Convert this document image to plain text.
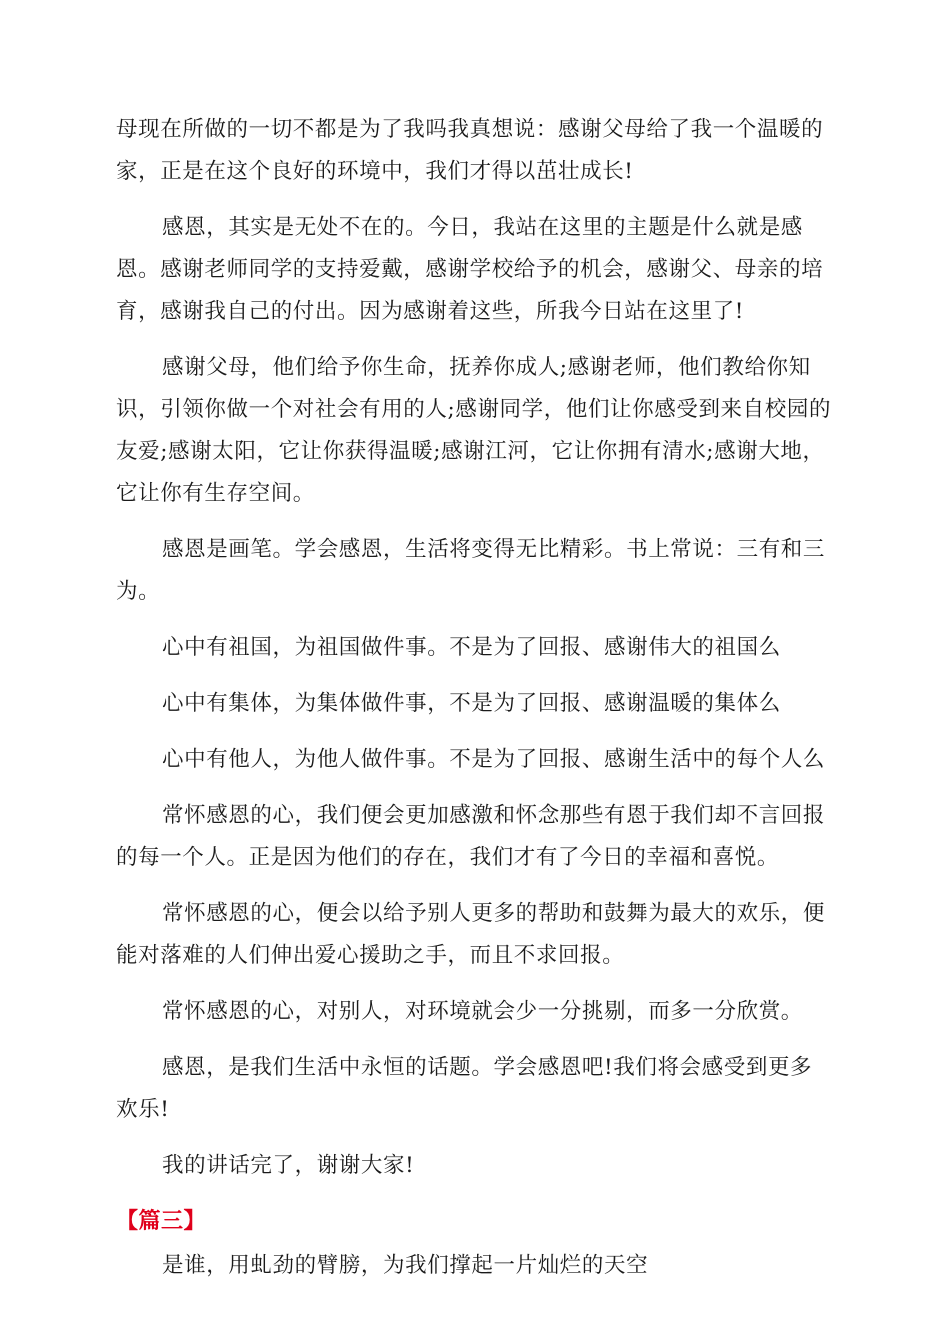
母现在所做的一切不都是为了我吗我真想说：感谢父母给了我一个温暖的家，正是在这个良好的环境中，我们才得以茁壮成长!

感恩，其实是无处不在的。今日，我站在这里的主题是什么就是感恩。感谢老师同学的支持爱戴，感谢学校给予的机会，感谢父、母亲的培育，感谢我自己的付出。因为感谢着这些，所我今日站在这里了!

感谢父母，他们给予你生命，抚养你成人;感谢老师，他们教给你知识，引领你做一个对社会有用的人;感谢同学，他们让你感受到来自校园的友爱;感谢太阳，它让你获得温暖;感谢江河，它让你拥有清水;感谢大地，它让你有生存空间。

感恩是画笔。学会感恩，生活将变得无比精彩。书上常说：三有和三为。

心中有祖国，为祖国做件事。不是为了回报、感谢伟大的祖国么

心中有集体，为集体做件事，不是为了回报、感谢温暖的集体么

心中有他人，为他人做件事。不是为了回报、感谢生活中的每个人么

常怀感恩的心，我们便会更加感激和怀念那些有恩于我们却不言回报的每一个人。正是因为他们的存在，我们才有了今日的幸福和喜悦。

常怀感恩的心，便会以给予别人更多的帮助和鼓舞为最大的欢乐，便能对落难的人们伸出爱心援助之手，而且不求回报。

常怀感恩的心，对别人，对环境就会少一分挑剔，而多一分欣赏。

感恩，是我们生活中永恒的话题。学会感恩吧!我们将会感受到更多欢乐!

我的讲话完了，谢谢大家!

【篇三】

是谁，用虬劲的臂膀，为我们撑起一片灿烂的天空
